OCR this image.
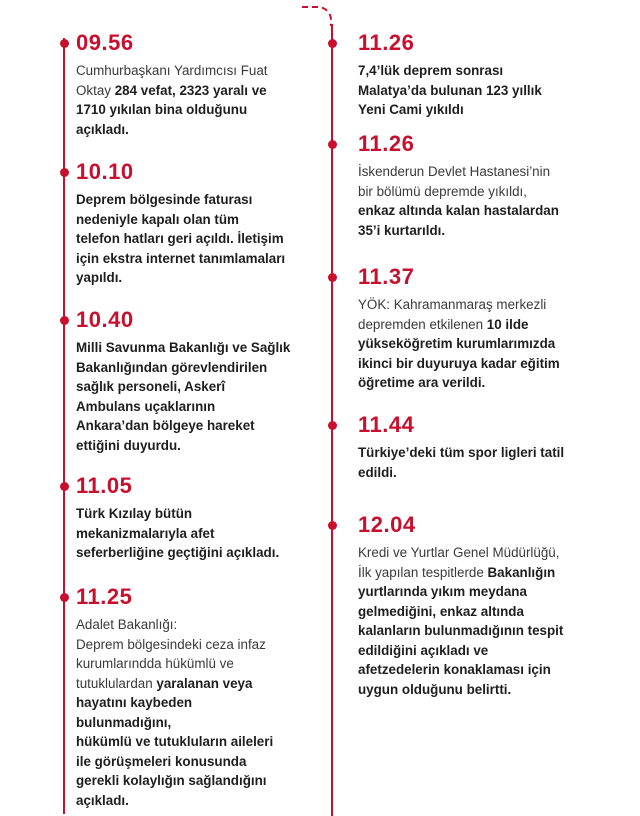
09.56
Cumhurbaşkanı Yardımcısı Fuat
Oktay 284 vefat, 2323 yaralı ve
1710 yıkılan bina olduğunu
açıkladı.
10.10
Deprem bölgesinde faturası
nedeniyle kapalı olan tüm
telefon hatları geri açıldı. İletişim
için ekstra internet tanımlamaları
yapıldı.
10.40
Milli Savunma Bakanlığı ve Sağlık
Bakanlığından görevlendirilen
sağlık personeli, Askerî
Ambulans uçaklarının
Ankara’dan bölgeye hareket
ettiğini duyurdu.
11.05
Türk Kızılay bütün
mekanizmalarıyla afet
seferberliğine geçtiğini açıkladı.
11.25
Adalet Bakanlığı:
Deprem bölgesindeki ceza infaz
kurumlarındda hükümlü ve
tutuklulardan yaralanan veya
hayatını kaybeden
bulunmadığını,
hükümlü ve tutukluların aileleri
ile görüşmeleri konusunda
gerekli kolaylığın sağlandığını
açıkladı.
11.26
7,4’lük deprem sonrası
Malatya’da bulunan 123 yıllık
Yeni Cami yıkıldı
11.26
İskenderun Devlet Hastanesi’nin
bir bölümü depremde yıkıldı,
enkaz altında kalan hastalardan
35’i kurtarıldı.
11.37
YÖK: Kahramanmaraş merkezli
depremden etkilenen 10 ilde
yükseköğretim kurumlarımızda
ikinci bir duyuruya kadar eğitim
öğretime ara verildi.
11.44
Türkiye’deki tüm spor ligleri tatil
edildi.
12.04
Kredi ve Yurtlar Genel Müdürlüğü,
İlk yapılan tespitlerde Bakanlığın
yurtlarında yıkım meydana
gelmediğini, enkaz altında
kalanların bulunmadığının tespit
edildiğini açıkladı ve
afetzedelerin konaklaması için
uygun olduğunu belirtti.
